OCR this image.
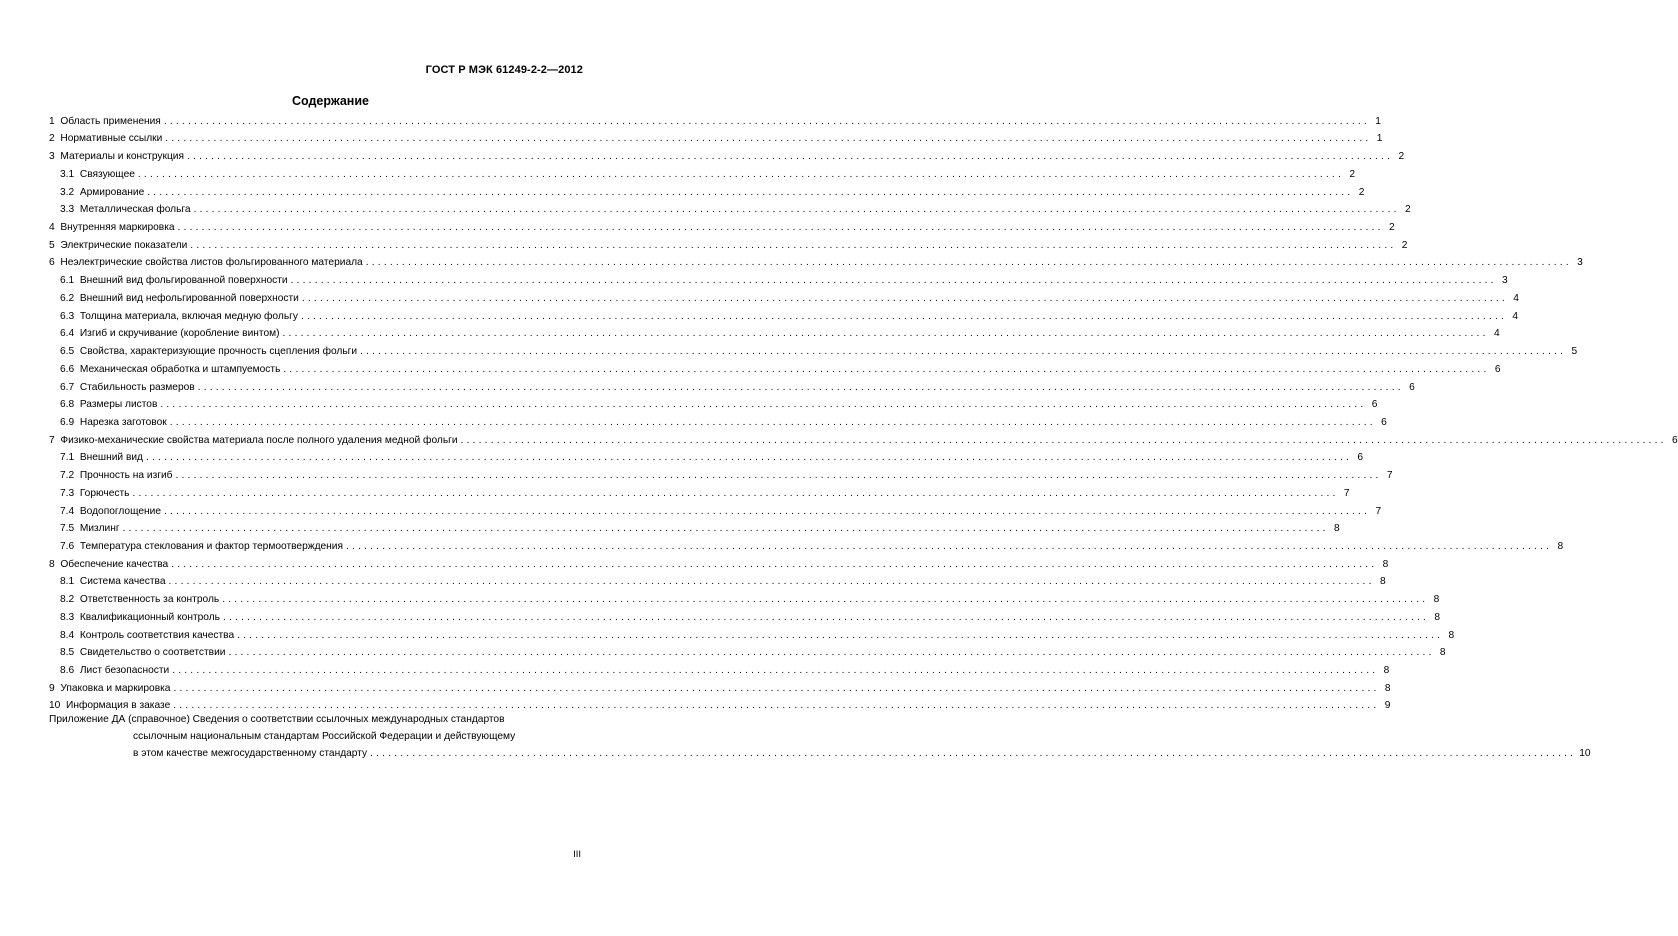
ГОСТ Р МЭК 61249-2-2—2012
Содержание
1
Область применения ........................................................................................................................................................................................................ 1
2
Нормативные ссылки ........................................................................................................................................................................................................ 1
3
Материалы и конструкция ........................................................................................................................................................................................................ 2
3.1
Связующее ........................................................................................................................................................................................................ 2
3.2
Армирование ........................................................................................................................................................................................................ 2
3.3
Металлическая фольга ........................................................................................................................................................................................................ 2
4
Внутренняя маркировка ........................................................................................................................................................................................................ 2
5
Электрические показатели ........................................................................................................................................................................................................ 2
6
Неэлектрические свойства листов фольгированного материала ........................................................................................................................................................................................................ 3
6.1
Внешний вид фольгированной поверхности ........................................................................................................................................................................................................ 3
6.2
Внешний вид нефольгированной поверхности ........................................................................................................................................................................................................ 4
6.3
Толщина материала, включая медную фольгу ........................................................................................................................................................................................................ 4
6.4
Изгиб и скручивание (коробление винтом) ........................................................................................................................................................................................................ 4
6.5
Свойства, характеризующие прочность сцепления фольги ........................................................................................................................................................................................................ 5
6.6
Механическая обработка и штампуемость ........................................................................................................................................................................................................ 6
6.7
Стабильность размеров ........................................................................................................................................................................................................ 6
6.8
Размеры листов ........................................................................................................................................................................................................ 6
6.9
Нарезка заготовок ........................................................................................................................................................................................................ 6
7
Физико-механические свойства материала после полного удаления медной фольги ........................................................................................................................................................................................................ 6
7.1
Внешний вид ........................................................................................................................................................................................................ 6
7.2
Прочность на изгиб ........................................................................................................................................................................................................ 7
7.3
Горючесть ........................................................................................................................................................................................................ 7
7.4
Водопоглощение ........................................................................................................................................................................................................ 7
7.5
Мизлинг ........................................................................................................................................................................................................ 8
7.6
Температура стеклования и фактор термоотверждения ........................................................................................................................................................................................................ 8
8
Обеспечение качества ........................................................................................................................................................................................................ 8
8.1
Система качества ........................................................................................................................................................................................................ 8
8.2
Ответственность за контроль ........................................................................................................................................................................................................ 8
8.3
Квалификационный контроль ........................................................................................................................................................................................................ 8
8.4
Контроль соответствия качества ........................................................................................................................................................................................................ 8
8.5
Свидетельство о соответствии ........................................................................................................................................................................................................ 8
8.6
Лист безопасности ........................................................................................................................................................................................................ 8
9
Упаковка и маркировка ........................................................................................................................................................................................................ 8
10
Информация в заказе ........................................................................................................................................................................................................ 9
Приложение ДА (справочное) Сведения о соответствии ссылочных международных стандартов
ссылочным национальным стандартам Российской Федерации и действующему
в этом качестве межгосударственному стандарту ........................................................................................................................................................................................................ 10
III
